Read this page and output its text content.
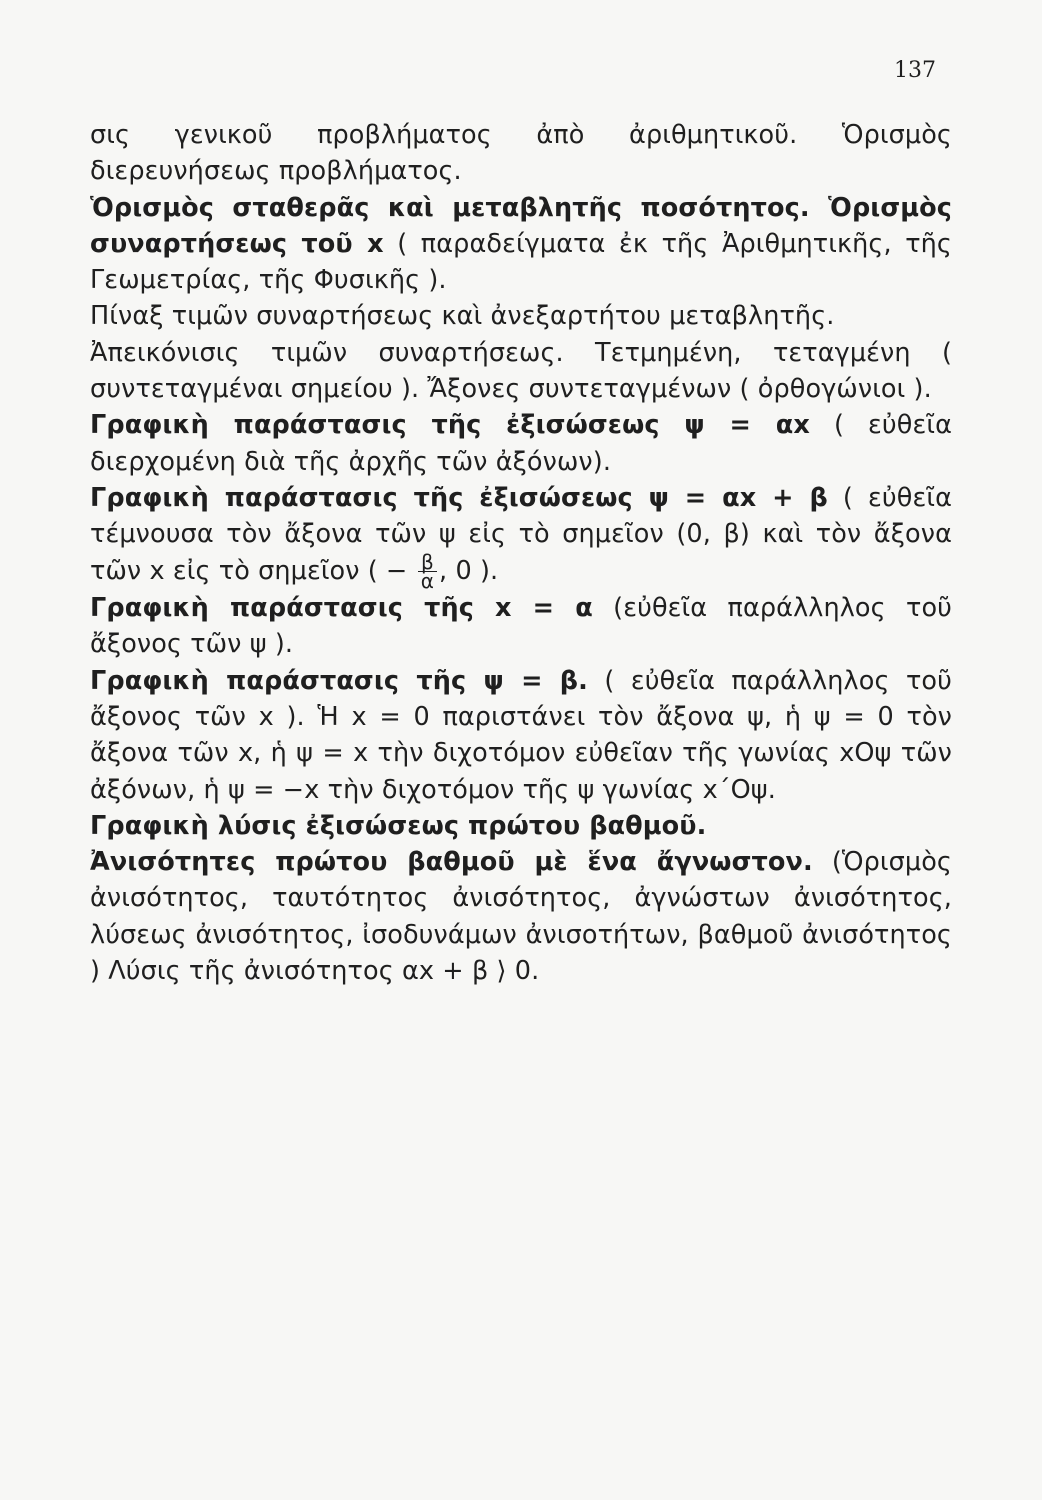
137

σις γενικοῦ προβλήματος ἀπὸ ἀριθμητικοῦ. Ὁρισμὸς διερευνήσεως προβλήματος.

Ὁρισμὸς σταθερᾶς καὶ μεταβλητῆς ποσότητος. Ὁρισμὸς συναρτήσεως τοῦ x ( παραδείγματα ἐκ τῆς Ἀριθμητικῆς, τῆς Γεωμετρίας, τῆς Φυσικῆς ).

Πίναξ τιμῶν συναρτήσεως καὶ ἀνεξαρτήτου μεταβλητῆς.

Ἀπεικόνισις τιμῶν συναρτήσεως. Τετμημένη, τεταγμένη ( συντεταγμέναι σημείου ). Ἄξονες συντεταγμένων ( ὀρθογώνιοι ).

Γραφικὴ παράστασις τῆς ἐξισώσεως ψ = αx ( εὐθεῖα διερχομένη διὰ τῆς ἀρχῆς τῶν ἀξόνων).

Γραφικὴ παράστασις τῆς ἐξισώσεως ψ = αx + β ( εὐθεῖα τέμνουσα τὸν ἄξονα τῶν ψ εἰς τὸ σημεῖον (0, β) καὶ τὸν ἄξονα τῶν x εἰς τὸ σημεῖον ( − $\frac{\beta}{\alpha}$ , 0 ).

Γραφικὴ παράστασις τῆς x = α (εὐθεῖα παράλληλος τοῦ ἄξονος τῶν ψ ).

Γραφικὴ παράστασις τῆς ψ = β. ( εὐθεῖα παράλληλος τοῦ ἄξονος τῶν x ). Ἡ x = 0 παριστάνει τὸν ἄξονα ψ, ἡ ψ = 0 τὸν ἄξονα τῶν x, ἡ ψ = x τὴν διχοτόμον εὐθεῖαν τῆς γωνίας xOψ τῶν ἀξόνων, ἡ ψ = −x τὴν διχοτόμον τῆς ψ γωνίας x΄Oψ.

Γραφικὴ λύσις ἐξισώσεως πρώτου βαθμοῦ.

Ἀνισότητες πρώτου βαθμοῦ μὲ ἕνα ἄγνωστον. (Ὁρισμὸς ἀνισότητος, ταυτότητος ἀνισότητος, ἀγνώστων ἀνισότητος, λύσεως ἀνισότητος, ἰσοδυνάμων ἀνισοτήτων, βαθμοῦ ἀνισότητος ) Λύσις τῆς ἀνισότητος αx + β ⟩ 0.
